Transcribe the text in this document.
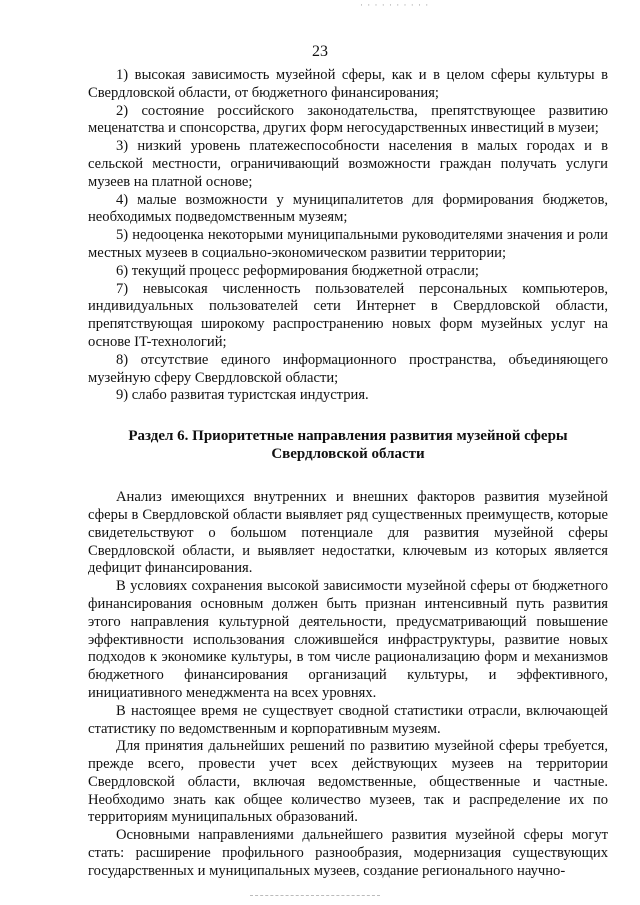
· · · · · · · · · ·
23

1) высокая зависимость музейной сферы, как и в целом сферы культуры в Свердловской области, от бюджетного финансирования;

2) состояние российского законодательства, препятствующее развитию меценатства и спонсорства, других форм негосударственных инвестиций в музеи;

3) низкий уровень платежеспособности населения в малых городах и в сельской местности, ограничивающий возможности граждан получать услуги музеев на платной основе;

4) малые возможности у муниципалитетов для формирования бюджетов, необходимых подведомственным музеям;

5) недооценка некоторыми муниципальными руководителями значения и роли местных музеев в социально-экономическом развитии территории;

6) текущий процесс реформирования бюджетной отрасли;

7) невысокая численность пользователей персональных компьютеров, индивидуальных пользователей сети Интернет в Свердловской области, препятствующая широкому распространению новых форм музейных услуг на основе IT-технологий;

8) отсутствие единого информационного пространства, объединяющего музейную сферу Свердловской области;

9) слабо развитая туристская индустрия.

Раздел 6. Приоритетные направления развития музейной сферы
Свердловской области

Анализ имеющихся внутренних и внешних факторов развития музейной сферы в Свердловской области выявляет ряд существенных преимуществ, которые свидетельствуют о большом потенциале для развития музейной сферы Свердловской области, и выявляет недостатки, ключевым из которых является дефицит финансирования.

В условиях сохранения высокой зависимости музейной сферы от бюджетного финансирования основным должен быть признан интенсивный путь развития этого направления культурной деятельности, предусматривающий повышение эффективности использования сложившейся инфраструктуры, развитие новых подходов к экономике культуры, в том числе рационализацию форм и механизмов бюджетного финансирования организаций культуры, и эффективного, инициативного менеджмента на всех уровнях.

В настоящее время не существует сводной статистики отрасли, включающей статистику по ведомственным и корпоративным музеям.

Для принятия дальнейших решений по развитию музейной сферы требуется, прежде всего, провести учет всех действующих музеев на территории Свердловской области, включая ведомственные, общественные и частные. Необходимо знать как общее количество музеев, так и распределение их по территориям муниципальных образований.

Основными направлениями дальнейшего развития музейной сферы могут стать: расширение профильного разнообразия, модернизация существующих государственных и муниципальных музеев, создание регионального научно-
